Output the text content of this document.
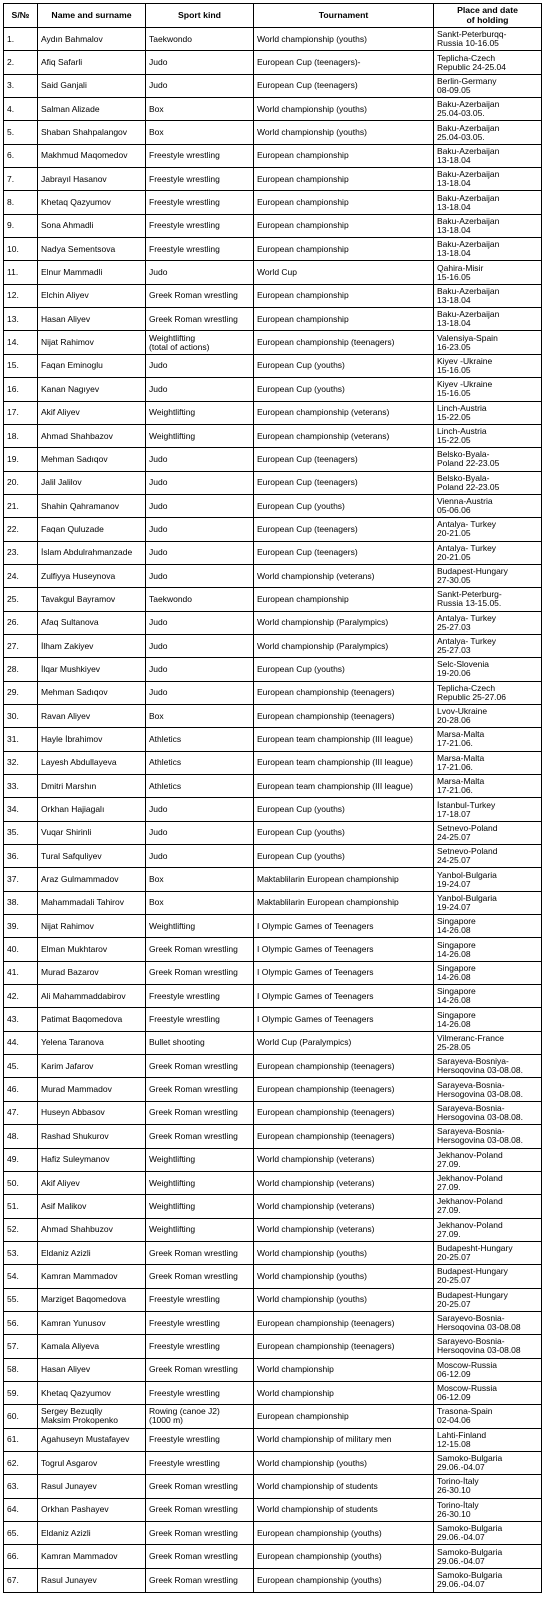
S/№	Name and surname	Sport kind	Tournament	Place and date
of holding
1.	Aydın Bahmalov	Taekwondo	World championship (youths)	Sankt-Peterburqq-
Russia 10-16.05
2.	Afiq Safarli	Judo	European Cup (teenagers)-	Teplicha-Czech
Republic 24-25.04
3.	Said Ganjali	Judo	European Cup (teenagers)	Berlin-Germany
08-09.05
4.	Salman Alizade	Box	World championship (youths)	Baku-Azerbaijan
25.04-03.05.
5.	Shaban Shahpalangov	Box	World championship (youths)	Baku-Azerbaijan
25.04-03.05.
6.	Makhmud Maqomedov	Freestyle wrestling	European championship	Baku-Azerbaijan
13-18.04
7.	Jabrayıl Hasanov	Freestyle wrestling	European championship	Baku-Azerbaijan
13-18.04
8.	Khetaq Qazyumov	Freestyle wrestling	European championship	Baku-Azerbaijan
13-18.04
9.	Sona Ahmadli	Freestyle wrestling	European championship	Baku-Azerbaijan
13-18.04
10.	Nadya Sementsova	Freestyle wrestling	European championship	Baku-Azerbaijan
13-18.04
11.	Elnur Mammadli	Judo	World Cup	Qahira-Misir
15-16.05
12.	Elchin Aliyev	Greek Roman wrestling	European championship	Baku-Azerbaijan
13-18.04
13.	Hasan Aliyev	Greek Roman wrestling	European championship	Baku-Azerbaijan
13-18.04
14.	Nijat Rahimov	Weightlifting
(total of actions)	European championship (teenagers)	Valensiya-Spain
16-23.05
15.	Faqan Eminoglu	Judo	European Cup (youths)	Kiyev -Ukraine
15-16.05
16.	Kanan Nagıyev	Judo	European Cup (youths)	Kiyev -Ukraine
15-16.05
17.	Akif Aliyev	Weightlifting	European championship (veterans)	Linch-Austria
15-22.05
18.	Ahmad Shahbazov	Weightlifting	European championship (veterans)	Linch-Austria
15-22.05
19.	Mehman Sadıqov	Judo	European Cup (teenagers)	Belsko-Byala-
Poland 22-23.05
20.	Jalil Jalilov	Judo	European Cup (teenagers)	Belsko-Byala-
Poland 22-23.05
21.	Shahin Qahramanov	Judo	European Cup (youths)	Vienna-Austria
05-06.06
22.	Faqan Quluzade	Judo	European Cup (teenagers)	Antalya- Turkey
20-21.05
23.	İslam Abdulrahmanzade	Judo	European Cup (teenagers)	Antalya- Turkey
20-21.05
24.	Zulfiyya Huseynova	Judo	World championship (veterans)	Budapest-Hungary
27-30.05
25.	Tavakgul Bayramov	Taekwondo	European championship	Sankt-Peterburg-
Russia 13-15.05.
26.	Afaq Sultanova	Judo	World championship (Paralympics)	Antalya- Turkey
25-27.03
27.	İlham Zakiyev	Judo	World championship (Paralympics)	Antalya- Turkey
25-27.03
28.	İlqar Mushkiyev	Judo	European Cup (youths)	Selc-Slovenia
19-20.06
29.	Mehman Sadıqov	Judo	European championship (teenagers)	Teplicha-Czech
Republic 25-27.06
30.	Ravan Aliyev	Box	European championship (teenagers)	Lvov-Ukraine
20-28.06
31.	Hayle İbrahimov	Athletics	European team championship (III league)	Marsa-Malta
17-21.06.
32.	Layesh Abdullayeva	Athletics	European team championship (III league)	Marsa-Malta
17-21.06.
33.	Dmitri Marshın	Athletics	European team championship (III league)	Marsa-Malta
17-21.06.
34.	Orkhan Hajiagalı	Judo	European Cup (youths)	İstanbul-Turkey
17-18.07
35.	Vuqar Shirinli	Judo	European Cup (youths)	Setnevo-Poland
24-25.07
36.	Tural Safquliyev	Judo	European Cup (youths)	Setnevo-Poland
24-25.07
37.	Araz Gulmammadov	Box	Maktablilarin European championship	Yanbol-Bulgaria
19-24.07
38.	Mahammadali Tahirov	Box	Maktablilarin European championship	Yanbol-Bulgaria
19-24.07
39.	Nijat Rahimov	Weightlifting	I Olympic Games of Teenagers	Singapore
14-26.08
40.	Elman Mukhtarov	Greek Roman wrestling	I Olympic Games of Teenagers	Singapore
14-26.08
41.	Murad Bazarov	Greek Roman wrestling	I Olympic Games of Teenagers	Singapore
14-26.08
42.	Ali Mahammaddabirov	Freestyle wrestling	I Olympic Games of Teenagers	Singapore
14-26.08
43.	Patimat Baqomedova	Freestyle wrestling	I Olympic Games of Teenagers	Singapore
14-26.08
44.	Yelena Taranova	Bullet shooting	World Cup (Paralympics)	Vilmeranc-France
25-28.05
45.	Karim Jafarov	Greek Roman wrestling	European championship (teenagers)	Sarayeva-Bosniya-
Hersoqovina 03-08.08.
46.	Murad Mammadov	Greek Roman wrestling	European championship (teenagers)	Sarayeva-Bosnia-
Hersogovina 03-08.08.
47.	Huseyn Abbasov	Greek Roman wrestling	European championship (teenagers)	Sarayeva-Bosnia-
Hersogovina 03-08.08.
48.	Rashad Shukurov	Greek Roman wrestling	European championship (teenagers)	Sarayeva-Bosnia-
Hersogovina 03-08.08.
49.	Hafiz Suleymanov	Weightlifting	World championship (veterans)	Jekhanov-Poland
27.09.
50.	Akif Aliyev	Weightlifting	World championship (veterans)	Jekhanov-Poland
27.09.
51.	Asif Malikov	Weightlifting	World championship (veterans)	Jekhanov-Poland
27.09.
52.	Ahmad Shahbuzov	Weightlifting	World championship (veterans)	Jekhanov-Poland
27.09.
53.	Eldaniz Azizli	Greek Roman wrestling	World championship (youths)	Budapesht-Hungary
20-25.07
54.	Kamran Mammadov	Greek Roman wrestling	World championship (youths)	Budapest-Hungary
20-25.07
55.	Marziget Baqomedova	Freestyle wrestling	World championship (youths)	Budapest-Hungary
20-25.07
56.	Kamran Yunusov	Freestyle wrestling	European championship (teenagers)	Sarayevo-Bosnia-
Hersoqovina 03-08.08
57.	Kamala Aliyeva	Freestyle wrestling	European championship (teenagers)	Sarayevo-Bosnia-
Hersoqovina 03-08.08
58.	Hasan Aliyev	Greek Roman wrestling	World championship	Moscow-Russia
06-12.09
59.	Khetaq Qazyumov	Freestyle wrestling	World championship	Moscow-Russia
06-12.09
60.	Sergey Bezuqliy
Maksim Prokopenko	Rowing (canoe J2)
(1000 m)	European championship	Trasona-Spain
02-04.06
61.	Agahuseyn Mustafayev	Freestyle wrestling	World championship of military men	Lahti-Finland
12-15.08
62.	Togrul Asgarov	Freestyle wrestling	World championship (youths)	Samoko-Bulgaria
29.06.-04.07
63.	Rasul Junayev	Greek Roman wrestling	World championship of students	Torino-İtaly
26-30.10
64.	Orkhan Pashayev	Greek Roman wrestling	World championship of students	Torino-İtaly
26-30.10
65.	Eldaniz Azizli	Greek Roman wrestling	European championship (youths)	Samoko-Bulgaria
29.06.-04.07
66.	Kamran Mammadov	Greek Roman wrestling	European championship (youths)	Samoko-Bulgaria
29.06.-04.07
67.	Rasul Junayev	Greek Roman wrestling	European championship (youths)	Samoko-Bulgaria
29.06.-04.07
